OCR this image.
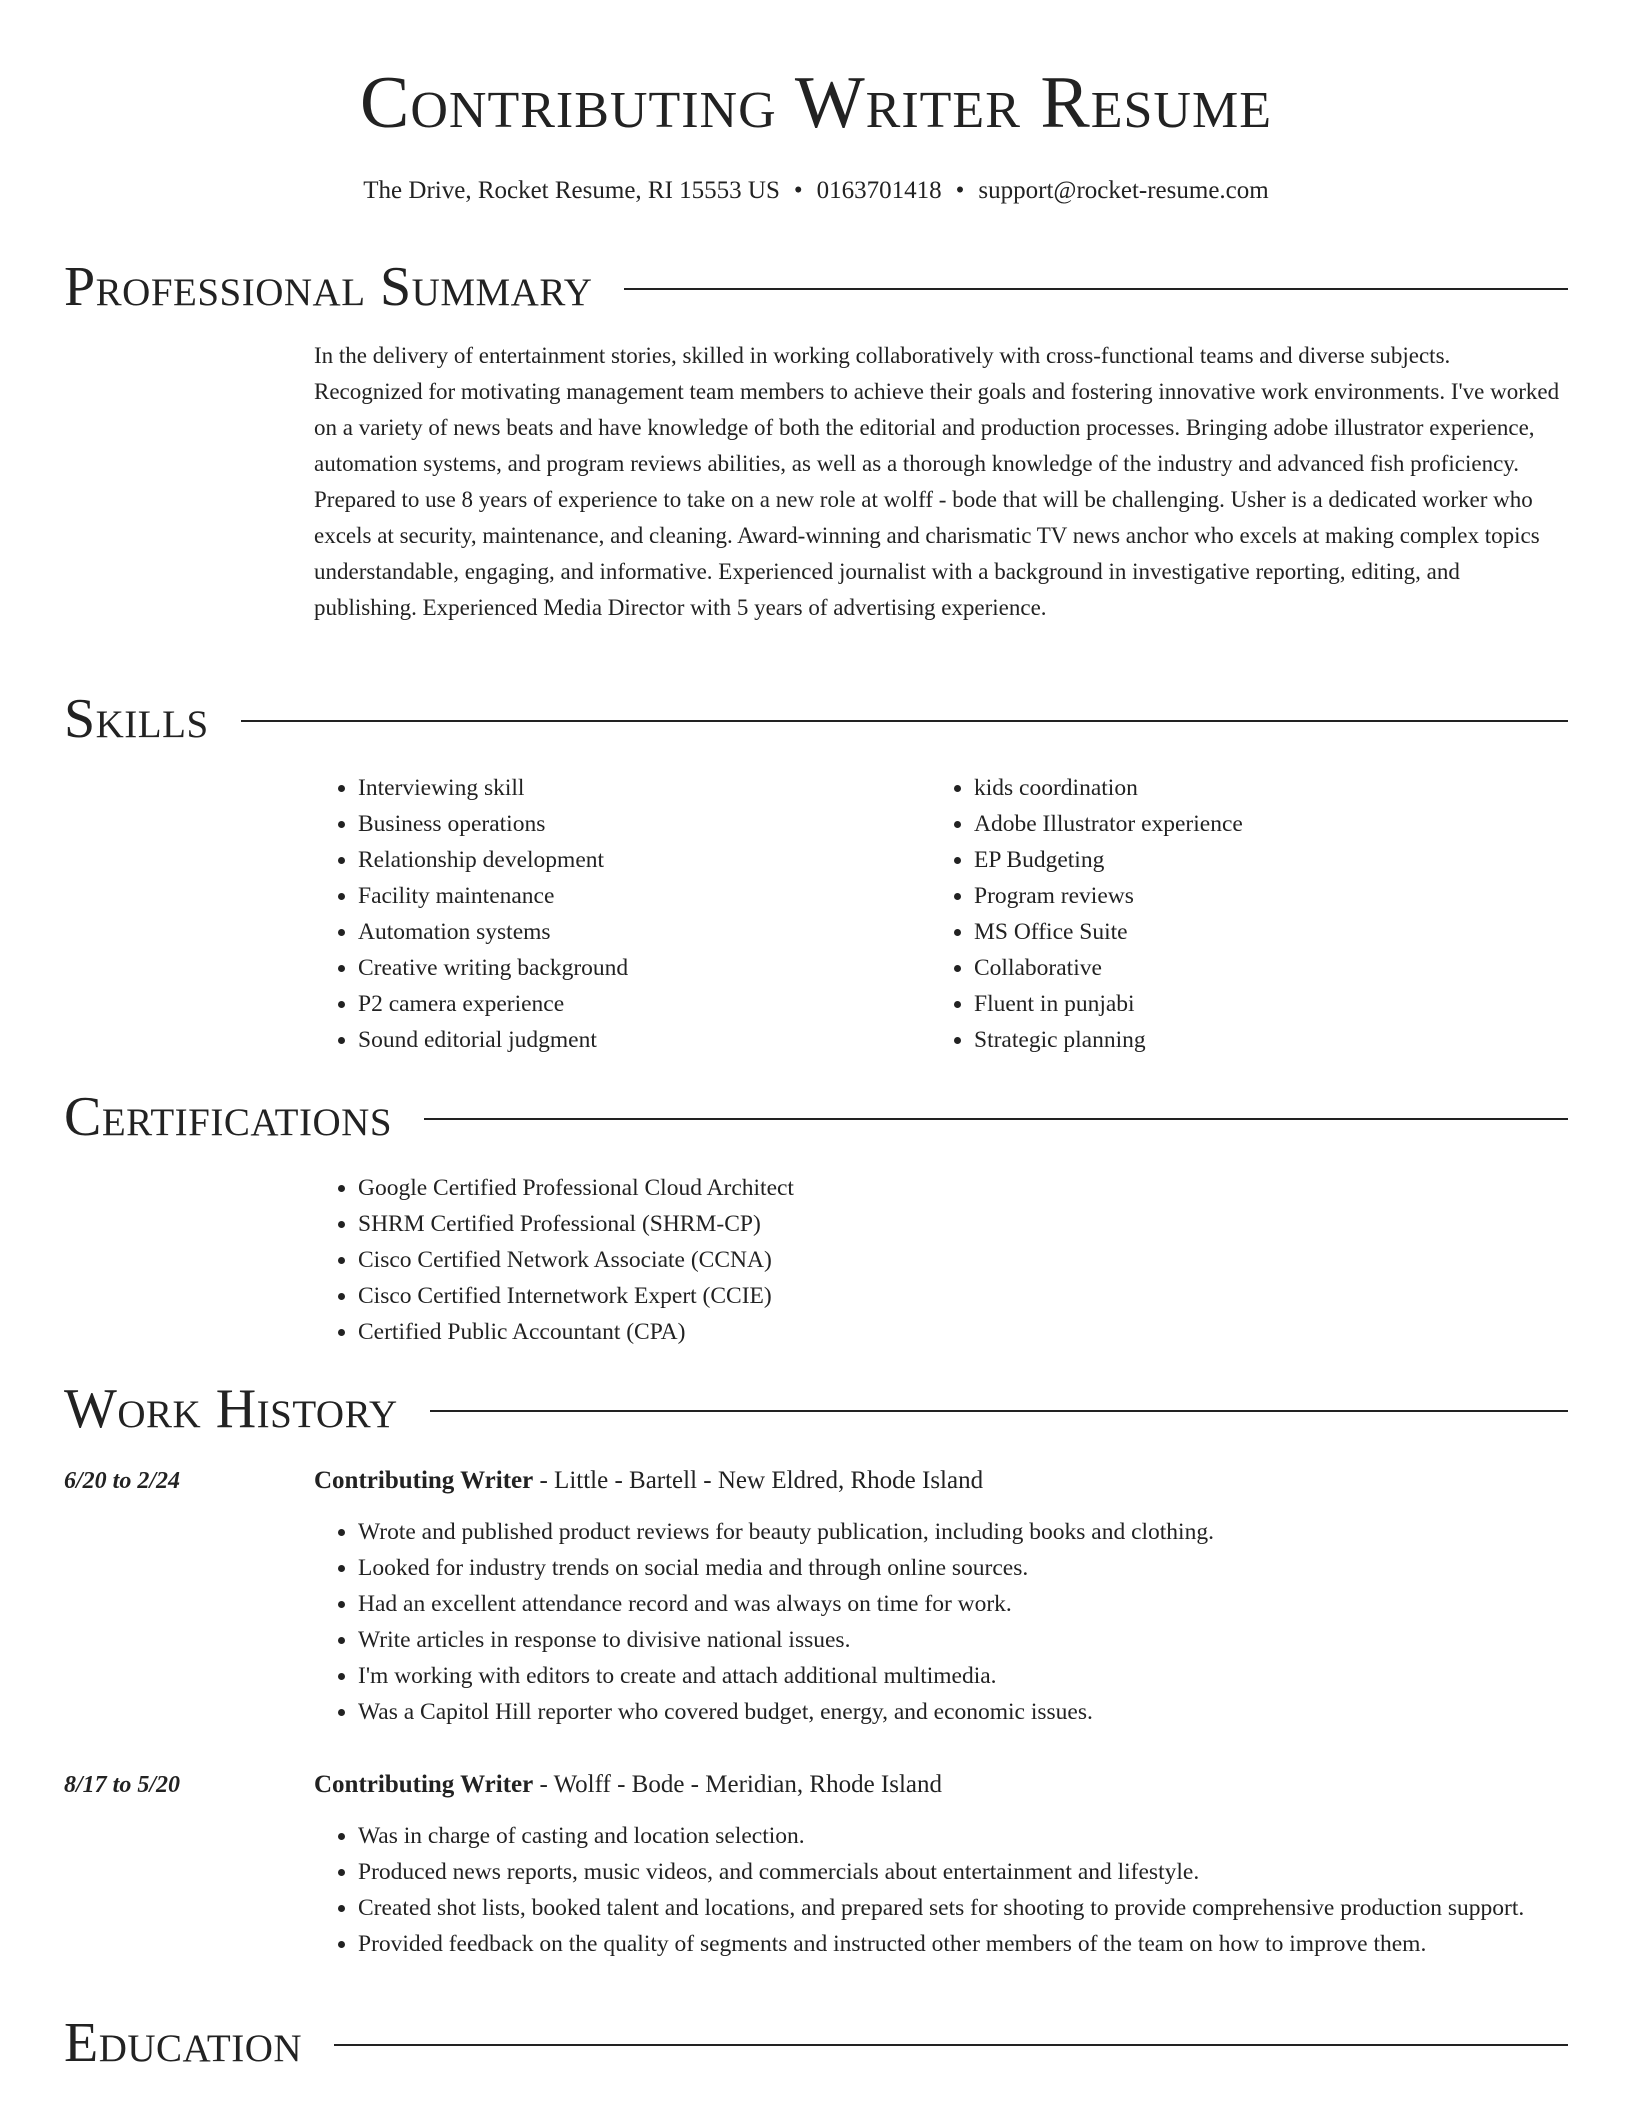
Contributing Writer Resume
The Drive, Rocket Resume, RI 15553 US • 0163701418 • support@rocket-resume.com
Professional Summary

In the delivery of entertainment stories, skilled in working collaboratively with cross-functional teams and diverse subjects. Recognized for motivating management team members to achieve their goals and fostering innovative work environments. I've worked on a variety of news beats and have knowledge of both the editorial and production processes. Bringing adobe illustrator experience, automation systems, and program reviews abilities, as well as a thorough knowledge of the industry and advanced fish proficiency. Prepared to use 8 years of experience to take on a new role at wolff - bode that will be challenging. Usher is a dedicated worker who excels at security, maintenance, and cleaning. Award-winning and charismatic TV news anchor who excels at making complex topics understandable, engaging, and informative. Experienced journalist with a background in investigative reporting, editing, and publishing. Experienced Media Director with 5 years of advertising experience.

Skills
• Interviewing skill
• Business operations
• Relationship development
• Facility maintenance
• Automation systems
• Creative writing background
• P2 camera experience
• Sound editorial judgment
• kids coordination
• Adobe Illustrator experience
• EP Budgeting
• Program reviews
• MS Office Suite
• Collaborative
• Fluent in punjabi
• Strategic planning
Certifications
• Google Certified Professional Cloud Architect
• SHRM Certified Professional (SHRM-CP)
• Cisco Certified Network Associate (CCNA)
• Cisco Certified Internetwork Expert (CCIE)
• Certified Public Accountant (CPA)
Work History
6/20 to 2/24	Contributing Writer - Little - Bartell - New Eldred, Rhode Island
• Wrote and published product reviews for beauty publication, including books and clothing.
• Looked for industry trends on social media and through online sources.
• Had an excellent attendance record and was always on time for work.
• Write articles in response to divisive national issues.
• I'm working with editors to create and attach additional multimedia.
• Was a Capitol Hill reporter who covered budget, energy, and economic issues.
8/17 to 5/20	Contributing Writer - Wolff - Bode - Meridian, Rhode Island
• Was in charge of casting and location selection.
• Produced news reports, music videos, and commercials about entertainment and lifestyle.
• Created shot lists, booked talent and locations, and prepared sets for shooting to provide comprehensive production support.
• Provided feedback on the quality of segments and instructed other members of the team on how to improve them.
Education
